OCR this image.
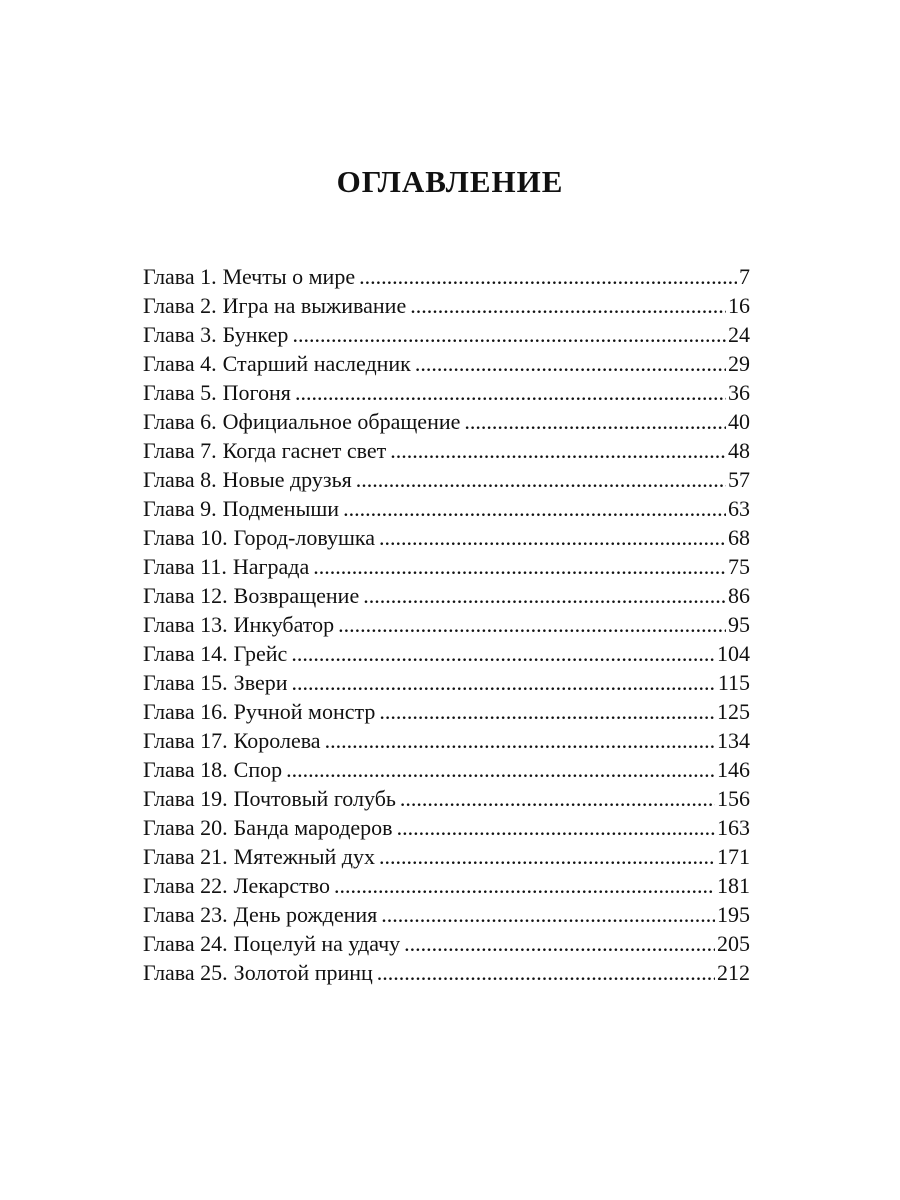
ОГЛАВЛЕНИЕ
Глава 1. Мечты о мире .....	7
Глава 2. Игра на выживание .....	16
Глава 3. Бункер .....	24
Глава 4. Старший наследник .....	29
Глава 5. Погоня .....	36
Глава 6. Официальное обращение .....	40
Глава 7. Когда гаснет свет .....	48
Глава 8. Новые друзья .....	57
Глава 9. Подменыши .....	63
Глава 10. Город-ловушка .....	68
Глава 11. Награда .....	75
Глава 12. Возвращение .....	86
Глава 13. Инкубатор .....	95
Глава 14. Грейс .....	104
Глава 15. Звери .....	115
Глава 16. Ручной монстр .....	125
Глава 17. Королева .....	134
Глава 18. Спор .....	146
Глава 19. Почтовый голубь .....	156
Глава 20. Банда мародеров .....	163
Глава 21. Мятежный дух .....	171
Глава 22. Лекарство .....	181
Глава 23. День рождения .....	195
Глава 24. Поцелуй на удачу .....	205
Глава 25. Золотой принц .....	212
